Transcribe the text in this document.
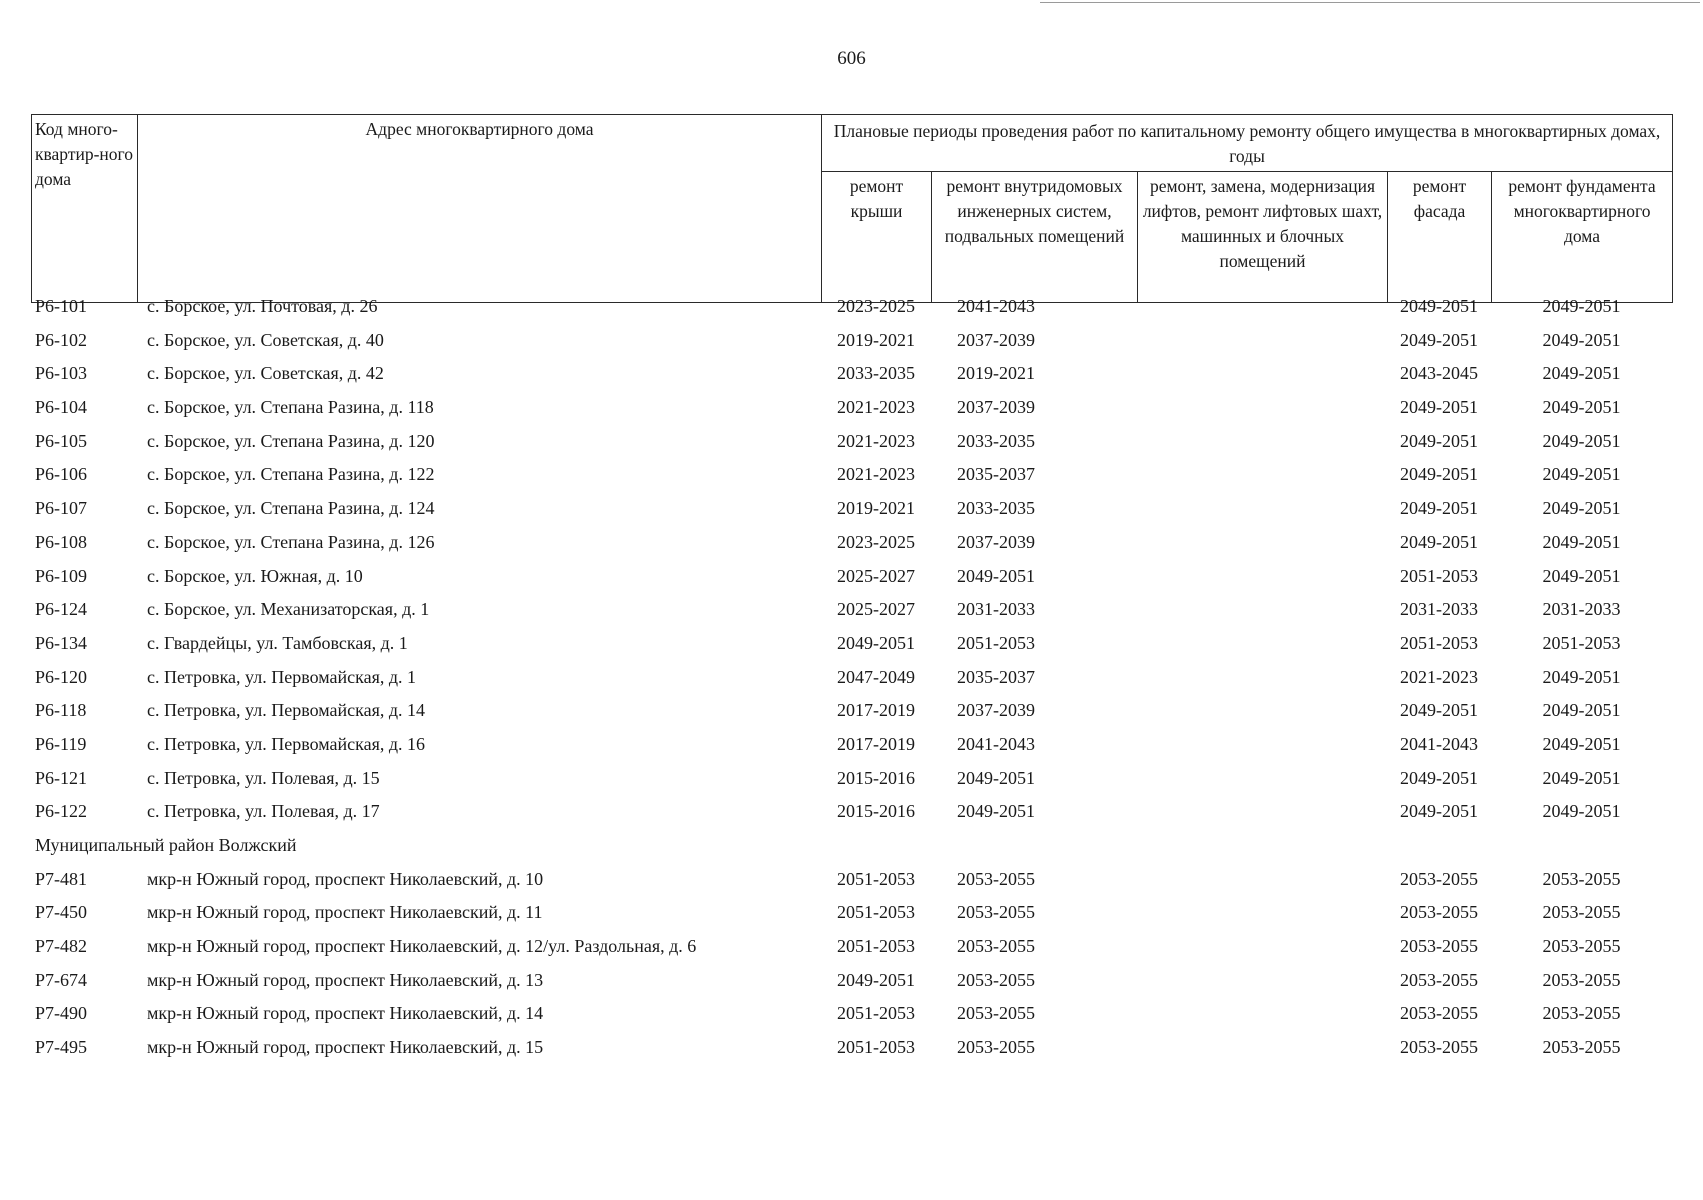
606
Код много-квартир-ного дома	Адрес многоквартирного дома	Плановые периоды проведения работ по капитальному ремонту общего имущества в многоквартирных домах, годы				
		ремонт крыши	ремонт внутридомовых инженерных систем, подвальных помещений	ремонт, замена, модернизация лифтов, ремонт лифтовых шахт, машинных и блочных помещений	ремонт фасада	ремонт фундамента многоквартирного дома
Р6-101	с. Борское, ул. Почтовая, д. 26	2023-2025	2041-2043		2049-2051	2049-2051
Р6-102	с. Борское, ул. Советская, д. 40	2019-2021	2037-2039		2049-2051	2049-2051
Р6-103	с. Борское, ул. Советская, д. 42	2033-2035	2019-2021		2043-2045	2049-2051
Р6-104	с. Борское, ул. Степана Разина, д. 118	2021-2023	2037-2039		2049-2051	2049-2051
Р6-105	с. Борское, ул. Степана Разина, д. 120	2021-2023	2033-2035		2049-2051	2049-2051
Р6-106	с. Борское, ул. Степана Разина, д. 122	2021-2023	2035-2037		2049-2051	2049-2051
Р6-107	с. Борское, ул. Степана Разина, д. 124	2019-2021	2033-2035		2049-2051	2049-2051
Р6-108	с. Борское, ул. Степана Разина, д. 126	2023-2025	2037-2039		2049-2051	2049-2051
Р6-109	с. Борское, ул. Южная, д. 10	2025-2027	2049-2051		2051-2053	2049-2051
Р6-124	с. Борское, ул. Механизаторская, д. 1	2025-2027	2031-2033		2031-2033	2031-2033
Р6-134	с. Гвардейцы, ул. Тамбовская, д. 1	2049-2051	2051-2053		2051-2053	2051-2053
Р6-120	с. Петровка, ул. Первомайская, д. 1	2047-2049	2035-2037		2021-2023	2049-2051
Р6-118	с. Петровка, ул. Первомайская, д. 14	2017-2019	2037-2039		2049-2051	2049-2051
Р6-119	с. Петровка, ул. Первомайская, д. 16	2017-2019	2041-2043		2041-2043	2049-2051
Р6-121	с. Петровка, ул. Полевая, д. 15	2015-2016	2049-2051		2049-2051	2049-2051
Р6-122	с. Петровка, ул. Полевая, д. 17	2015-2016	2049-2051		2049-2051	2049-2051
Муниципальный район Волжский						
Р7-481	мкр-н Южный город, проспект Николаевский, д. 10	2051-2053	2053-2055		2053-2055	2053-2055
Р7-450	мкр-н Южный город, проспект Николаевский, д. 11	2051-2053	2053-2055		2053-2055	2053-2055
Р7-482	мкр-н Южный город, проспект Николаевский, д. 12/ул. Раздольная, д. 6	2051-2053	2053-2055		2053-2055	2053-2055
Р7-674	мкр-н Южный город, проспект Николаевский, д. 13	2049-2051	2053-2055		2053-2055	2053-2055
Р7-490	мкр-н Южный город, проспект Николаевский, д. 14	2051-2053	2053-2055		2053-2055	2053-2055
Р7-495	мкр-н Южный город, проспект Николаевский, д. 15	2051-2053	2053-2055		2053-2055	2053-2055
